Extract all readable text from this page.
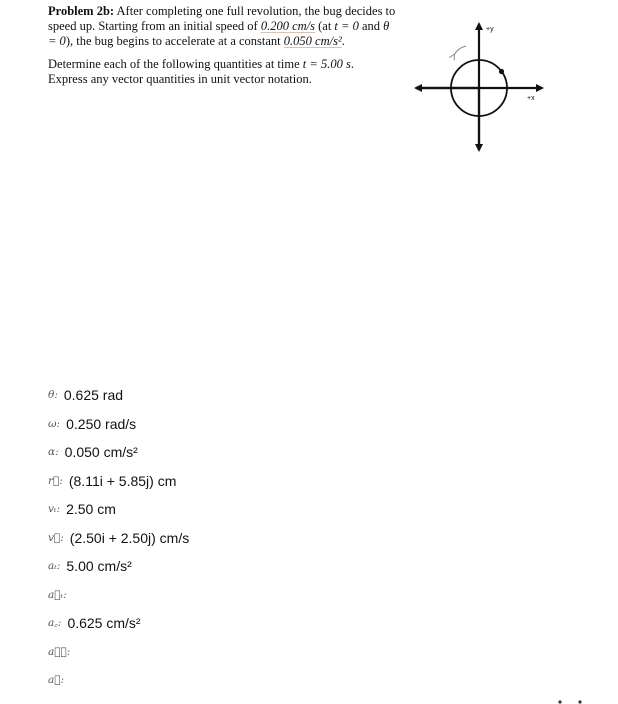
Problem 2b: After completing one full revolution, the bug decides to speed up. Starting from an initial speed of 0.200 cm/s (at t = 0 and θ = 0), the bug begins to accelerate at a constant 0.050 cm/s².

Determine each of the following quantities at time t = 5.00 s.
Express any vector quantities in unit vector notation.

+y
+x
θ: 0.625 rad
ω: 0.250 rad/s
α: 0.050 cm/s²
r⃗: (8.11i + 5.85j) cm
vₜ: 2.50 cm
v⃗: (2.50i + 2.50j) cm/s
aₜ: 5.00 cm/s²
a⃗ₜ:
a꜀: 0.625 cm/s²
a⃗꜀:
a⃗:
